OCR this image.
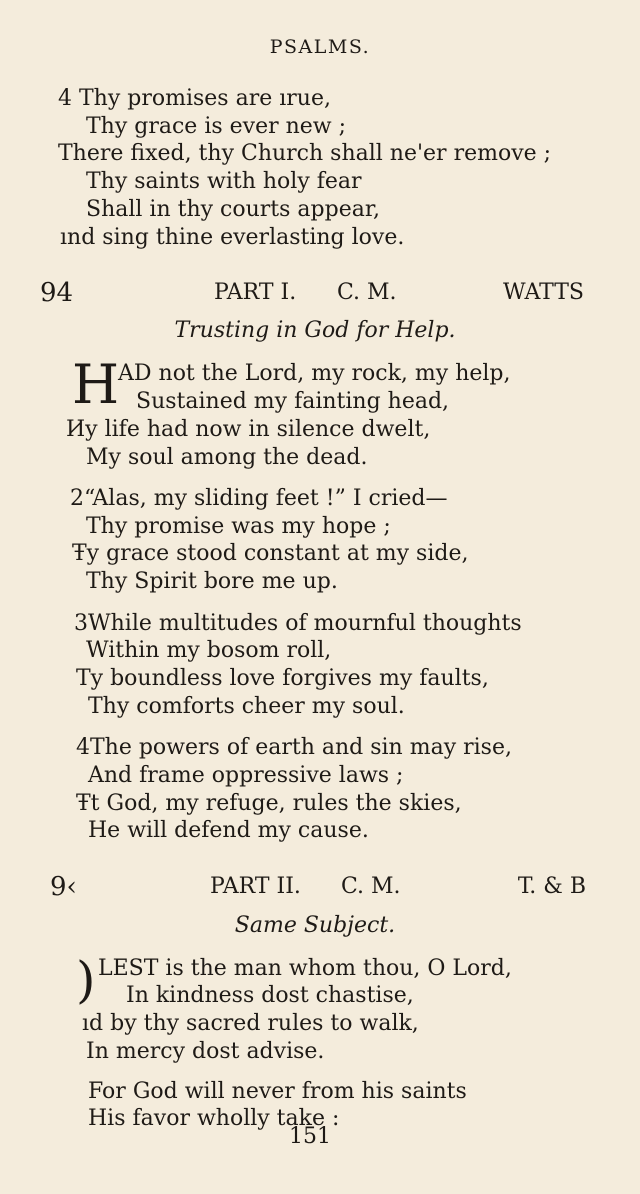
PSALMS.
4 Thy promises are ırue,
Thy grace is ever new ;
There fixed, thy Church shall ne'er remove ;
Thy saints with holy fear
Shall in thy courts appear,
ınd sing thine everlasting love.
94	PART I. C. M.	WATTS
Trusting in God for Help.
H
AD not the Lord, my rock, my help,
Sustained my fainting head,
Иy life had now in silence dwelt,
My soul among the dead.
2“Alas, my sliding feet !” I cried—
Thy promise was my hope ;
Ŧy grace stood constant at my side,
Thy Spirit bore me up.
3While multitudes of mournful thoughts
Within my bosom roll,
Ty boundless love forgives my faults,
Thy comforts cheer my soul.
4The powers of earth and sin may rise,
And frame oppressive laws ;
Ŧt God, my refuge, rules the skies,
He will defend my cause.
9‹	PART II. C. M.	T. & B
Same Subject.
) LEST is the man whom thou, O Lord,
In kindness dost chastise,
ıd by thy sacred rules to walk,
In mercy dost advise.
For God will never from his saints
His favor wholly take :
151
